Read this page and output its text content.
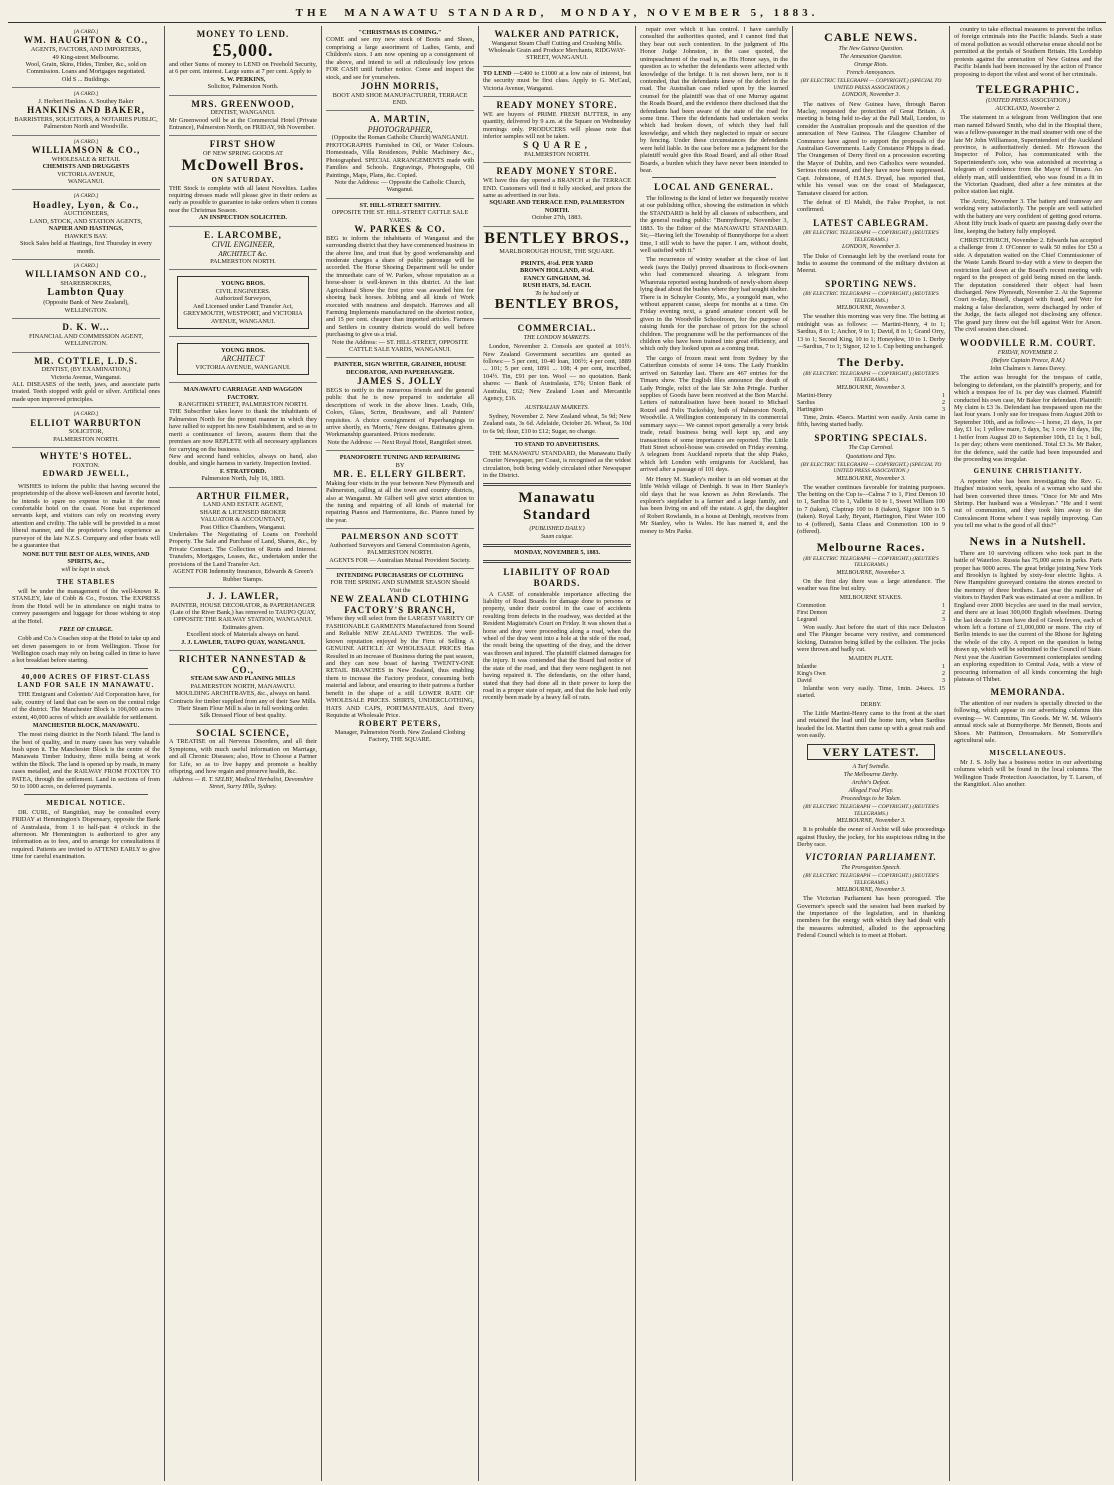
THE MANAWATU STANDARD, MONDAY, NOVEMBER 5, 1883.
[A CARD.]
WM. HAUGHTON & CO.,
AGENTS, FACTORS, AND IMPORTERS,
49 King-street Melbourne.
Wool, Grain, Skins, Hides, Timber, &c., sold on Commission. Loans and Mortgages negotiated.
Old S ... Buildings.
[A CARD.]
J. Herbert Hankins. A. Southey Baker
HANKINS AND BAKER,
BARRISTERS, SOLICITORS, & NOTARIES PUBLIC,
Palmerston North and Woodville.
[A CARD.]
WILLIAMSON & CO.,
WHOLESALE & RETAIL
CHEMISTS AND DRUGGISTS
VICTORIA AVENUE,
WANGANUI.
[A CARD.]
Hoadley, Lyon, & Co.,
AUCTIONEERS,
LAND, STOCK, AND STATION AGENTS,
NAPIER AND HASTINGS,
HAWKE'S BAY.
Stock Sales held at Hastings, first Thursday in every month.
[A CARD.]
WILLIAMSON AND CO.,
SHAREBROKERS,
Lambton Quay
(Opposite Bank of New Zealand),
WELLINGTON.
D. K. W...
FINANCIAL AND COMMISSION AGENT,
WELLINGTON.
MR. COTTLE, L.D.S.
DENTIST, (BY EXAMINATION,)
Victoria Avenue, Wanganui.
ALL DISEASES of the teeth, jaws, and associate parts treated. Teeth stopped with gold or silver. Artificial ones made upon improved principles.
[A CARD.]
ELLIOT WARBURTON
SOLICITOR,
PALMERSTON NORTH.
WHYTE'S HOTEL.
FOXTON.
EDWARD JEWELL,

WISHES to inform the public that having secured the proprietorship of the above well-known and favorite hotel, he intends to spare no expense to make it the most comfortable hotel on the coast. None but experienced servants kept, and visitors can rely on receiving every attention and civility. The table will be provided in a most liberal manner, and the proprietor's long experience as purveyor of the late N.Z.S. Company and other boats will be a guarantee that

NONE BUT THE BEST OF ALES, WINES, AND SPIRITS, &c.,
will be kept in stock.
THE STABLES

will be under the management of the well-known R. STANLEY, late of Cobb & Co., Foxton. The EXPRESS from the Hotel will be in attendance on night trains to convey passengers and luggage for those wishing to stop at the Hotel.

FREE OF CHARGE.

Cobb and Co.'s Coaches stop at the Hotel to take up and set down passengers to or from Wellington. Those for Wellington coach may rely on being called in time to have a hot breakfast before starting.

40,000 ACRES OF FIRST-CLASS LAND FOR SALE IN MANAWATU.

THE Emigrant and Colonists' Aid Corporation have, for sale, country of land that can be seen on the central ridge of the district. The Manchester Block is 106,000 acres in extent, 40,000 acres of which are available for settlement.

MANCHESTER BLOCK, MANAWATU.

The most rising district in the North Island. The land is the best of quality, and in many cases has very valuable bush upon it. The Manchester Block is the centre of the Manawatu Timber Industry, three mills being at work within the Block. The land is opened up by roads, in many cases metalled, and the RAILWAY FROM FOXTON TO PATEA, through the settlement. Land in sections of from 50 to 1000 acres, on deferred payments.

MEDICAL NOTICE.

DR. CURL, of Rangitikei, may be consulted every FRIDAY at Hemmington's Dispensary, opposite the Bank of Australasia, from 1 to half-past 4 o'clock in the afternoon. Mr Hemmington is authorized to give any information as to fees, and to arrange for consultations if required. Patients are invited to ATTEND EARLY to give time for careful examination.

MONEY TO LEND.
£5,000.
and other Sums of money to LEND on Freehold Security, at 6 per cent. interest. Large sums at 7 per cent. Apply to
S. W. PERKINS,
Solicitor, Palmerston North.
MRS. GREENWOOD,
DENTIST, WANGANUI.
Mr Greenwood will be at the Commercial Hotel (Private Entrance), Palmerston North, on FRIDAY, 9th November.
FIRST SHOW
OF NEW SPRING GOODS AT
McDowell Bros.
ON SATURDAY.
THE Stock is complete with all latest Novelties. Ladies requiring dresses made will please give in their orders as early as possible to guarantee to take orders when it comes near the Christmas Season.
AN INSPECTION SOLICITED.
E. LARCOMBE,
CIVIL ENGINEER,
ARCHITECT &c.
PALMERSTON NORTH.
YOUNG BROS.
CIVIL ENGINEERS.
Authorized Surveyors,
And Licensed under Land Transfer Act,
GREYMOUTH, WESTPORT, and VICTORIA AVENUE, WANGANUI.
YOUNG BROS.
ARCHITECT
VICTORIA AVENUE, WANGANUI.
MANAWATU CARRIAGE AND WAGGON FACTORY.
RANGITIKEI STREET, PALMERSTON NORTH.
THE Subscriber takes leave to thank the inhabitants of Palmerston North for the prompt manner in which they have rallied to support his new Establishment, and so as to merit a continuance of favors, assures them that the premises are now REPLETE with all necessary appliances for carrying on the business.
New and second hand vehicles, always on hand, also double, and single harness in variety. Inspection Invited.
F. STRATFORD.
Palmerston North, July 16, 1883.
ARTHUR FILMER,
LAND AND ESTATE AGENT,
SHARE & LICENSED BROKER
VALUATOR & ACCOUNTANT,
Post Office Chambers, Wanganui.
Undertakes The Negotiating of Loans on Freehold Property. The Sale and Purchase of Land, Shares, &c., by Private Contract. The Collection of Rents and Interest. Transfers, Mortgages, Leases, &c., undertaken under the provisions of the Land Transfer Act.
AGENT FOR Indemnity Insurance, Edwards & Green's Rubber Stamps.
J. J. LAWLER,
PAINTER, HOUSE DECORATOR, & PAPERHANGER
(Late of the River Bank,) has removed to TAUPO QUAY, OPPOSITE THE RAILWAY STATION, WANGANUI.
Estimates given.
Excellent stock of Materials always on hand.
J. J. LAWLER, TAUPO QUAY, WANGANUI.
RICHTER NANNESTAD & CO.,
STEAM SAW AND PLANING MILLS
PALMERSTON NORTH, MANAWATU.
MOULDING ARCHITRAVES, &c., always on hand.
Contracts for timber supplied from any of their Saw Mills.
Their Steam Flour Mill is also in full working order.
Silk Dressed Flour of best quality.
SOCIAL SCIENCE,
A TREATISE on all Nervous Disorders, and all their Symptoms, with much useful information on Marriage, and all Chronic Diseases; also, How to Choose a Partner for Life, so as to live happy and promote a healthy offspring, and how regain and preserve health, &c.
Address — R. T. SELBY, Medical Herbalist, Devonshire Street, Surry Hills, Sydney.
"CHRISTMAS IS COMING."
COME and see my new stock of Boots and Shoes, comprising a large assortment of Ladies, Gents, and Children's sizes. I am now opening up a consignment of the above, and intend to sell at ridiculously low prices FOR CASH until further notice. Come and inspect the stock, and see for yourselves.
JOHN MORRIS,
BOOT AND SHOE MANUFACTURER, TERRACE END.
A. MARTIN,
PHOTOGRAPHER,
(Opposite the Roman Catholic Church) WANGANUI.
PHOTOGRAPHS Furnished in Oil, or Water Colours. Homesteads, Villa Residences, Public Machinery &c., Photographed. SPECIAL ARRANGEMENTS made with Families and Schools. Engravings, Photographs, Oil Paintings, Maps, Plans, &c. Copied.
Note the Address: — Opposite the Catholic Church, Wanganui.
ST. HILL-STREET SMITHY.
OPPOSITE THE ST. HILL-STREET CATTLE SALE YARDS.
W. PARKES & CO.
BEG to inform the inhabitants of Wanganui and the surrounding district that they have commenced business in the above line, and trust that by good workmanship and moderate charges a share of public patronage will be accorded. The Horse Shoeing Department will be under the immediate care of W. Parkes, whose reputation as a horse-shoer is well-known in this district. At the last Agricultural Show the first prize was awarded him for shoeing back horses. Jobbing and all kinds of Work executed with neatness and despatch. Harrows and all Farming Implements manufactured on the shortest notice, and 15 per cent. cheaper than imported articles. Farmers and Settlers in country districts would do well before purchasing to give us a trial.
Note the Address: — ST. HILL-STREET, OPPOSITE CATTLE SALE YARDS, WANGANUI.
PAINTER, SIGN WRITER, GRAINER, HOUSE DECORATOR, AND PAPERHANGER.
JAMES S. JOLLY
BEGS to notify to the numerous friends and the general public that he is now prepared to undertake all descriptions of work in the above lines. Leads, Oils, Colors, Glass, Scrim, Brushware, and all Painters' requisites. A choice consignment of Paperhangings to arrive shortly, ex 'Morris,' New designs. Estimates given. Workmanship guaranteed. Prices moderate.
Note the Address: — Next Royal Hotel, Rangitikei street.
PIANOFORTE TUNING AND REPAIRING
BY
MR. E. ELLERY GILBERT.
Making four visits in the year between New Plymouth and Palmerston, calling at all the town and country districts, also at Wanganui. Mr Gilbert will give strict attention to the tuning and repairing of all kinds of material for repairing Pianos and Harmoniums, &c. Pianos tuned by the year.
PALMERSON AND SCOTT
Authorised Surveyors and General Commission Agents, PALMERSTON NORTH.
AGENTS FOR — Australian Mutual Provident Society.
INTENDING PURCHASERS OF CLOTHING
FOR THE SPRING AND SUMMER SEASON Should Visit the
NEW ZEALAND CLOTHING FACTORY'S BRANCH,
Where they will select from the LARGEST VARIETY OF FASHIONABLE GARMENTS Manufactured from Sound and Reliable NEW ZEALAND TWEEDS. The well-known reputation enjoyed by the Firm of Selling A GENUINE ARTICLE AT WHOLESALE PRICES Has Resulted in an increase of Business during the past season, and they can now boast of having TWENTY-ONE RETAIL BRANCHES in New Zealand, thus enabling them to increase the Factory produce, consuming both material and labour, and ensuring to their patrons a further benefit in the shape of a still LOWER RATE OF WHOLESALE PRICES. SHIRTS, UNDERCLOTHING, HATS AND CAPS, PORTMANTEAUS, And Every Requisite at Wholesale Price.
ROBERT PETERS,
Manager, Palmerston North. New Zealand Clothing Factory, THE SQUARE.
WALKER AND PATRICK,
Wanganui Steam Chaff Cutting and Crushing Mills. Wholesale Grain and Produce Merchants, RIDGWAY-STREET, WANGANUI.
TO LEND —£400 to £1000 at a low rate of interest, but the security must be first class. Apply to G. McCaul, Victoria Avenue, Wanganui.
READY MONEY STORE.
WE are buyers of PRIME FRESH BUTTER, in any quantity, delivered by 9 a.m. at the Square on Wednesday mornings only. PRODUCERS will please note that inferior samples will not be taken.
SQUARE,
PALMERSTON NORTH.
READY MONEY STORE.
WE have this day opened a BRANCH at the TERRACE END. Customers will find it fully stocked, and prices the same as advertised in our lists.
SQUARE AND TERRACE END, PALMERSTON NORTH.
October 27th, 1883.
BENTLEY BROS.,
MARLBOROUGH HOUSE, THE SQUARE.
PRINTS, 4½d. PER YARD
BROWN HOLLAND, 4½d.
FANCY GINGHAM, 3d.
RUSH HATS, 3d. EACH.
To be had only at
BENTLEY BROS,
COMMERCIAL.
THE LONDON MARKETS.

London, November 2. Consols are quoted at 101½. New Zealand Government securities are quoted as follows:— 5 per cent, 10-40 loan, 106½; 4 per cent, 1889 ... 101; 5 per cent, 1891 ... 108; 4 per cent, inscribed, 104½. Tin, £91 per ton. Wool — no quotation. Bank shares: — Bank of Australasia, £76; Union Bank of Australia, £62; New Zealand Loan and Mercantile Agency, £16.

AUSTRALIAN MARKETS.

Sydney, November 2. New Zealand wheat, 5s 9d; New Zealand oats, 3s 6d. Adelaide, October 26. Wheat, 5s 10d to 6s 9d; flour, £10 to £12; Sugar, no change.

TO STAND TO ADVERTISERS.

THE MANAWATU STANDARD, the Manawatu Daily Courier Newspaper, per Coast, is recognised as the widest circulation, both being widely circulated other Newspaper in the District.

Manawatu Standard
(PUBLISHED DAILY.)
Suum cuique.
MONDAY, NOVEMBER 5, 1883.
LIABILITY OF ROAD BOARDS.

A CASE of considerable importance affecting the liability of Road Boards for damage done to persons or property, under their control in the case of accidents resulting from defects in the roadway, was decided at the Resident Magistrate's Court on Friday. It was shown that a horse and dray were proceeding along a road, when the wheel of the dray went into a hole at the side of the road, the result being the upsetting of the dray, and the driver was thrown and injured. The plaintiff claimed damages for the injury. It was contended that the Board had notice of the state of the road, and that they were negligent in not having repaired it. The defendants, on the other hand, stated that they had done all in their power to keep the road in a proper state of repair, and that the hole had only recently been made by a heavy fall of rain.

repair over which it has control. I have carefully consulted the authorities quoted, and I cannot find that they bear out such contention. In the judgment of His Honor Judge Johnston, in the case quoted, the unimpeachment of the road is, as His Honor says, in the question as to whether the defendants were affected with knowledge of the bridge. It is not shown here, nor is it contended, that the defendants knew of the defect in the road. The Australian case relied upon by the learned counsel for the plaintiff was that of one Murray against the Roads Board, and the evidence there disclosed that the defendants had been aware of the state of the road for some time. There the defendants had undertaken works which had broken down, of which they had full knowledge, and which they neglected to repair or secure by fencing. Under these circumstances the defendants were held liable. In the case before me a judgment for the plaintiff would give this Road Board, and all other Road Boards, a burden which they have never been intended to bear.

LOCAL AND GENERAL.

The following is the kind of letter we frequently receive at our publishing office, showing the estimation in which the STANDARD is held by all classes of subscribers, and the general reading public: "Bunnythorpe, November 3, 1883. To the Editor of the MANAWATU STANDARD. Sir,—Having left the Township of Bunnythorpe for a short time, I still wish to have the paper. I am, without doubt, well satisfied with it."

The recurrence of wintry weather at the close of last week (says the Daily) proved disastrous to flock-owners who had commenced shearing. A telegram from Wharerata reported seeing hundreds of newly-shorn sheep lying dead about the bushes where they had sought shelter. There is in Schuyler County, Mo., a youngold man, who without apparent cause, sleeps for months at a time. On Friday evening next, a grand amateur concert will be given in the Woodville Schoolroom, for the purpose of raising funds for the purchase of prizes for the school children. The programme will be the performances of the children who have been trained into great efficiency, and which only they looked upon as a coming treat.

The cargo of frozen meat sent from Sydney by the Catterthun consists of some 14 tons. The Lady Franklin arrived on Saturday last. There are 467 entries for the Timaru show. The English files announce the death of Lady Pringle, relict of the late Sir John Pringle. Further supplies of Goods have been received at the Bon Marché. Letters of naturalisation have been issued to Michael Rotzel and Felix Tuckofsky, both of Palmerston North, Woodville. A Wellington contemporary in its commercial summary says:— We cannot report generally a very brisk trade, retail business being well kept up, and any transactions of some importance are reported. The Little Hutt Street school-house was crowded on Friday evening. A telegram from Auckland reports that the ship Piako, which left London with emigrants for Auckland, has arrived after a passage of 101 days.

Mr Henry M. Stanley's mother is an old woman at the little Welsh village of Denbigh. It was in Herr Stanley's old days that he was known as John Rowlands. The explorer's stepfather is a farmer and a large family, and has been living on and off the estate. A girl, the daughter of Robert Rowlands, in a house at Denbigh, receives from Mr Stanley, who is Wales. He has named it, and the money to Mrs Parke.

CABLE NEWS.
The New Guinea Question.
The Annexation Question.
Orange Riots.
French Annoyances.
(BY ELECTRIC TELEGRAPH — COPYRIGHT.) (SPECIAL TO UNITED PRESS ASSOCIATION.)
LONDON, November 3.

The natives of New Guinea have, through Baron Maclay, requested the protection of Great Britain. A meeting is being held to-day at the Pall Mall, London, to consider the Australian proposals and the question of the annexation of New Guinea. The Glasgow Chamber of Commerce have agreed to support the proposals of the Australian Governments. Lady Constance Phipps is dead. The Orangemen of Derry fired on a procession escorting the Mayor of Dublin, and two Catholics were wounded. Serious riots ensued, and they have now been suppressed. Capt. Johnstone, of H.M.S. Dryad, has reported that, while his vessel was on the coast of Madagascar, Tamatave cleared for action.

The defeat of El Mahdi, the False Prophet, is not confirmed.

LATEST CABLEGRAM.
(BY ELECTRIC TELEGRAPH — COPYRIGHT.) (REUTER'S TELEGRAMS.)
LONDON, November 3.

The Duke of Connaught left by the overland route for India to assume the command of the military division at Meerut.

SPORTING NEWS.
(BY ELECTRIC TELEGRAPH — COPYRIGHT.) (REUTER'S TELEGRAMS.)
MELBOURNE, November 3.

The weather this morning was very fine. The betting at midnight was as follows: — Martini-Henry, 4 to 1; Sardius, 8 to 1; Anchor, 9 to 1; David, 8 to 1; Grand Orry, 13 to 1; Second King, 10 to 1; Honeydew, 10 to 1. Derby—Sardius, 7 to 1; Signor, 12 to 1. Cup betting unchanged.

The Derby.
(BY ELECTRIC TELEGRAPH — COPYRIGHT.) (REUTER'S TELEGRAMS.)
MELBOURNE, November 3.
Martini-Henry	1
Sardius	2
Hartington	3

Time, 2min. 45secs. Martini won easily. Arsis came in fifth, having started badly.

SPORTING SPECIALS.
The Cup Carnival.
Quotations and Tips.
(BY ELECTRIC TELEGRAPH — COPYRIGHT.) (SPECIAL TO UNITED PRESS ASSOCIATION.)
MELBOURNE, November 3.

The weather continues favorable for training purposes. The betting on the Cup is—Calma 7 to 1, First Demon 10 to 1, Sardius 10 to 1, Vallette 10 to 1, Sweet William 100 to 7 (taken), Claptrap 100 to 8 (taken), Signor 100 to 5 (taken). Royal Lady, Bryant, Hartington, First Water 100 to 4 (offered), Santa Claus and Commotion 100 to 9 (offered).

Melbourne Races.
(BY ELECTRIC TELEGRAPH — COPYRIGHT.) (REUTER'S TELEGRAMS.)
MELBOURNE, November 3.

On the first day there was a large attendance. The weather was fine but sultry.

MELBOURNE STAKES.
Commotion	1
First Demon	2
Legrand	3

Won easily. Just before the start of this race Delusion and The Plunger became very restive, and commenced kicking, Dainsion being killed by the collision. The jocks were thrown and badly cut.

MAIDEN PLATE.
Inlanthe	1
King's Own	2
David	3

Inlanthe won very easily. Time, 1min. 24secs. 15 started.

DERBY.

The Little Martini-Henry came to the front at the start and retained the lead until the home turn, when Sardius headed the lot. Martini then came up with a great rush and won easily.

VERY LATEST.
A Turf Swindle.
The Melbourne Derby.
Archie's Defeat.
Alleged Foul Play.
Proceedings to be Taken.
(BY ELECTRIC TELEGRAPH — COPYRIGHT.) (REUTER'S TELEGRAMS.)
MELBOURNE, November 3.

It is probable the owner of Archie will take proceedings against Huxley, the jockey, for his suspicious riding in the Derby race.

VICTORIAN PARLIAMENT.
The Prorogation Speech.
(BY ELECTRIC TELEGRAPH — COPYRIGHT.) (REUTER'S TELEGRAMS.)
MELBOURNE, November 3.

The Victorian Parliament has been prorogued. The Governor's speech said the session had been marked by the importance of the legislation, and in thanking members for the energy with which they had dealt with the measures submitted, alluded to the approaching Federal Council which is to meet at Hobart.

country to take effectual measures to prevent the influx of foreign criminals into the Pacific Islands. Such a state of moral pollution as would otherwise ensue should not be permitted at the portals of Southern Britain. His Lordship protests against the annexation of New Guinea and the Pacific Islands had been increased by the action of France proposing to deport the vilest and worst of her criminals.

TELEGRAPHIC.
(UNITED PRESS ASSOCIATION.)
AUCKLAND, November 2.

The statement in a telegram from Wellington that one man named Edward Smith, who did in the Hospital there, was a fellow-passenger in the mail steamer with one of the late Mr John Williamson, Superintendent of the Auckland province, is authoritatively denied. Mr Howson the Inspector of Police, has communicated with the Superintendent's son, who was astonished at receiving a telegram of condolence from the Mayor of Timaru. An elderly man, still unidentified, who was found in a fit in the Victorian Quadrant, died after a few minutes at the police station last night.

The Arctic, November 3. The battery and tramway are working very satisfactorily. The people are well satisfied with the battery are very confident of getting good returns. About fifty truck loads of quartz are passing daily over the line, keeping the battery fully employed.

CHRISTCHURCH, November 2. Edwards has accepted a challenge from J. O'Connor to walk 50 miles for £50 a side. A deputation waited on the Chief Commissioner of the Waste Lands Board to-day with a view to deepen the restriction laid down at the Board's recent meeting with regard to the prospect of gold being mined on the lands. The deputation considered their object had been discharged. New Plymouth, November 2. At the Supreme Court to-day, Bissell, charged with fraud, and Weir for making a false declaration, were discharged by order of the Judge, the facts alleged not disclosing any offence. The grand jury threw out the bill against Weir for Arson. The civil session then closed.

WOODVILLE R.M. COURT.
FRIDAY, NOVEMBER 2.
(Before Captain Preece, R.M.)
John Chalmers v. James Davey.

The action was brought for the trespass of cattle, belonging to defendant, on the plaintiff's property, and for which a trespass fee of 1s. per day was claimed. Plaintiff conducted his own case, Mr Baker for defendant. Plaintiff: My claim is £3 3s. Defendant has trespassed upon me the last four years. I only sue for trespass from August 20th to September 10th, and as follows:—1 horse, 21 days, 1s per day, £1 1s; 1 yellow mare, 5 days, 5s; 1 cow 18 days, 18s; 1 heifer from August 20 to September 10th, £1 1s; 1 bull, 1s per day; others were mentioned. Total £3 3s. Mr Baker, for the defence, said the cattle had been impounded and the proceeding was irregular.

GENUINE CHRISTIANITY.

A reporter who has been investigating the Rev. G. Hughes' mission work, speaks of a woman who said she had been converted three times. "Once for Mr and Mrs Shrimp. Her husband was a Wesleyan." "He and I went out of communion, and they took him away to the Convalescent Home where I was rapidly improving. Can you tell me what is the good of all this?"

News in a Nutshell.

There are 10 surviving officers who took part in the battle of Waterloo. Russia has 75,000 acres in parks. Paris proper has 9000 acres. The great bridge joining New York and Brooklyn is lighted by sixty-four electric lights. A New Hampshire graveyard contains the stones erected to the memory of three brothers. Last year the number of visitors to Hayden Park was estimated at over a million. In England over 2000 bicycles are used in the mail service, and there are at least 300,000 English wheelmen. During the last decade 13 men have died of Greek fevers, each of whom left a fortune of £1,000,000 or more. The city of Berlin intends to use the current of the Rhone for lighting the whole of the city. A report on the question is being drawn up, which will be submitted to the Council of State. Next year the Austrian Government contemplates sending an exploring expedition to Central Asia, with a view of procuring information of all kinds concerning the high plateaus of Thibet.

MEMORANDA.

The attention of our readers is specially directed to the following, which appear in our advertising columns this evening:— W. Cummins, Tin Goods. Mr W. M. Wilson's annual stock sale at Bunnythorpe. Mr Bennett, Boots and Shoes. Mr Pattinson, Dressmakers. Mr Somerville's agricultural sale.

MISCELLANEOUS.

Mr J. S. Jolly has a business notice in our advertising columns which will be found in the local columns. The Wellington Trade Protection Association, by T. Larsen, of the Rangitikei. Also another.
